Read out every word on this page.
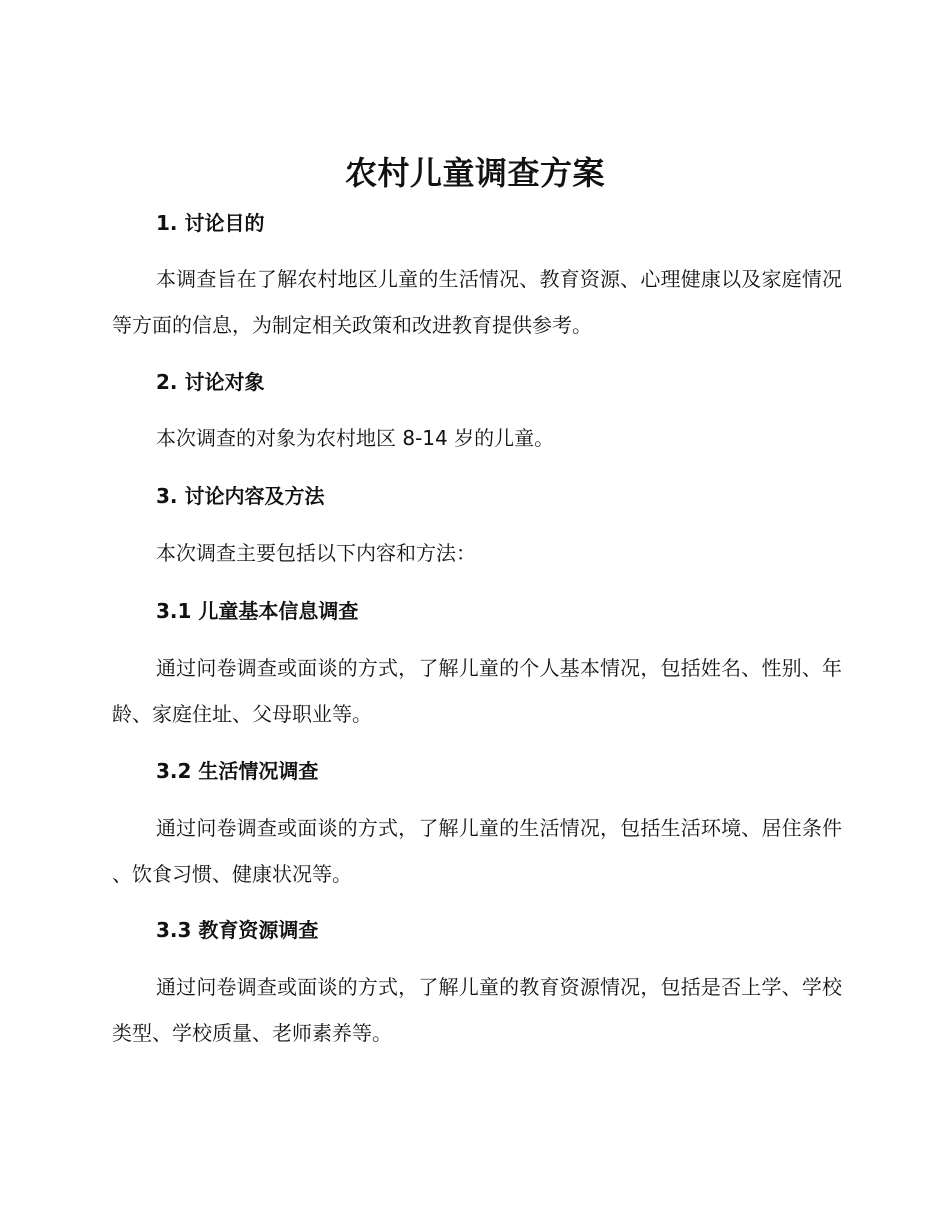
农村儿童调查方案
1. 讨论目的
本调查旨在了解农村地区儿童的生活情况、教育资源、心理健康以及家庭情况等方面的信息，为制定相关政策和改进教育提供参考。
2. 讨论对象
本次调查的对象为农村地区 8-14 岁的儿童。
3. 讨论内容及方法
本次调查主要包括以下内容和方法：
3.1 儿童基本信息调查
通过问卷调查或面谈的方式，了解儿童的个人基本情况，包括姓名、性别、年龄、家庭住址、父母职业等。
3.2 生活情况调查
通过问卷调查或面谈的方式，了解儿童的生活情况，包括生活环境、居住条件、饮食习惯、健康状况等。
3.3 教育资源调查
通过问卷调查或面谈的方式，了解儿童的教育资源情况，包括是否上学、学校类型、学校质量、老师素养等。
